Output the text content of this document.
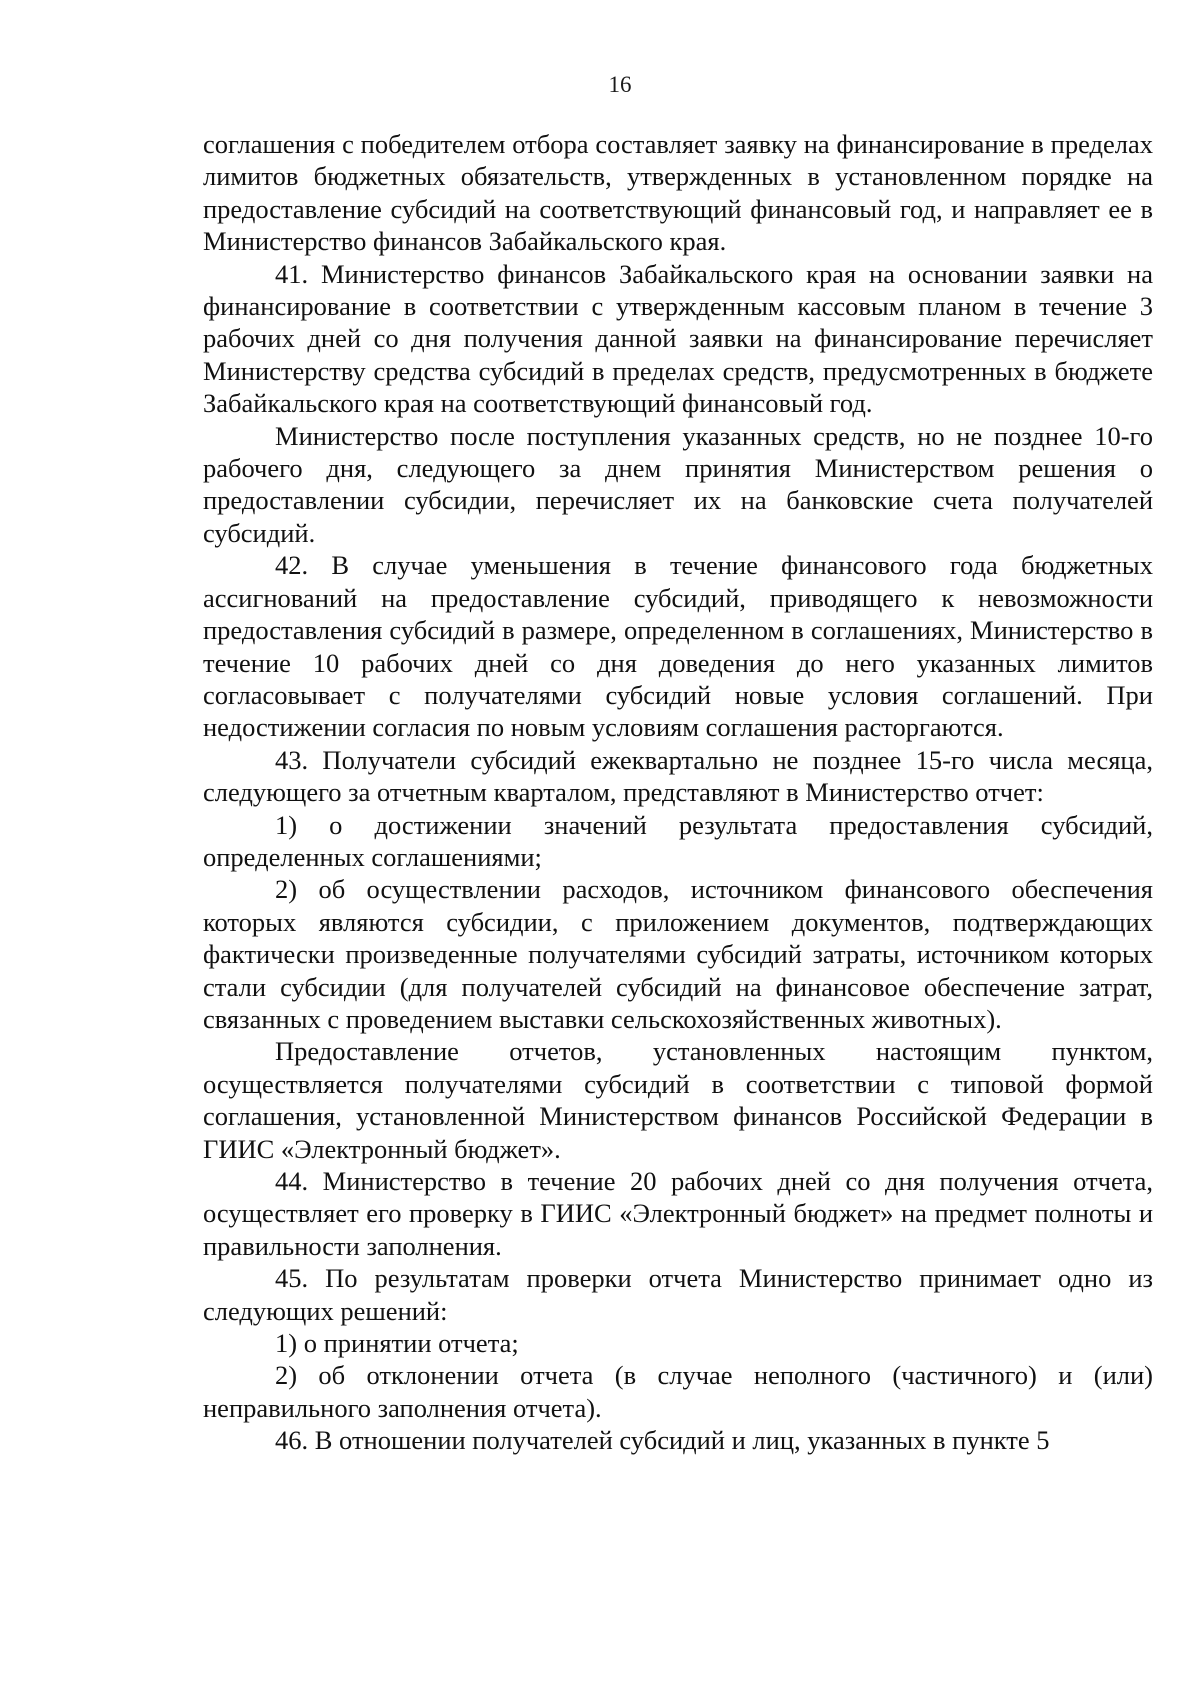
16

соглашения с победителем отбора составляет заявку на финансирование в пределах лимитов бюджетных обязательств, утвержденных в установленном порядке на предоставление субсидий на соответствующий финансовый год, и направляет ее в Министерство финансов Забайкальского края.

41. Министерство финансов Забайкальского края на основании заявки на финансирование в соответствии с утвержденным кассовым планом в течение 3 рабочих дней со дня получения данной заявки на финансирование перечисляет Министерству средства субсидий в пределах средств, предусмотренных в бюджете Забайкальского края на соответствующий финансовый год.

Министерство после поступления указанных средств, но не позднее 10-го рабочего дня, следующего за днем принятия Министерством решения о предоставлении субсидии, перечисляет их на банковские счета получателей субсидий.

42. В случае уменьшения в течение финансового года бюджетных ассигнований на предоставление субсидий, приводящего к невозможности предоставления субсидий в размере, определенном в соглашениях, Министерство в течение 10 рабочих дней со дня доведения до него указанных лимитов согласовывает с получателями субсидий новые условия соглашений. При недостижении согласия по новым условиям соглашения расторгаются.

43. Получатели субсидий ежеквартально не позднее 15-го числа месяца, следующего за отчетным кварталом, представляют в Министерство отчет:

1) о достижении значений результата предоставления субсидий, определенных соглашениями;

2) об осуществлении расходов, источником финансового обеспечения которых являются субсидии, с приложением документов, подтверждающих фактически произведенные получателями субсидий затраты, источником которых стали субсидии (для получателей субсидий на финансовое обеспечение затрат, связанных с проведением выставки сельскохозяйственных животных).

Предоставление отчетов, установленных настоящим пунктом, осуществляется получателями субсидий в соответствии с типовой формой соглашения, установленной Министерством финансов Российской Федерации в ГИИС «Электронный бюджет».

44. Министерство в течение 20 рабочих дней со дня получения отчета, осуществляет его проверку в ГИИС «Электронный бюджет» на предмет полноты и правильности заполнения.

45. По результатам проверки отчета Министерство принимает одно из следующих решений:

1) о принятии отчета;

2) об отклонении отчета (в случае неполного (частичного) и (или) неправильного заполнения отчета).

46. В отношении получателей субсидий и лиц, указанных в пункте 5
